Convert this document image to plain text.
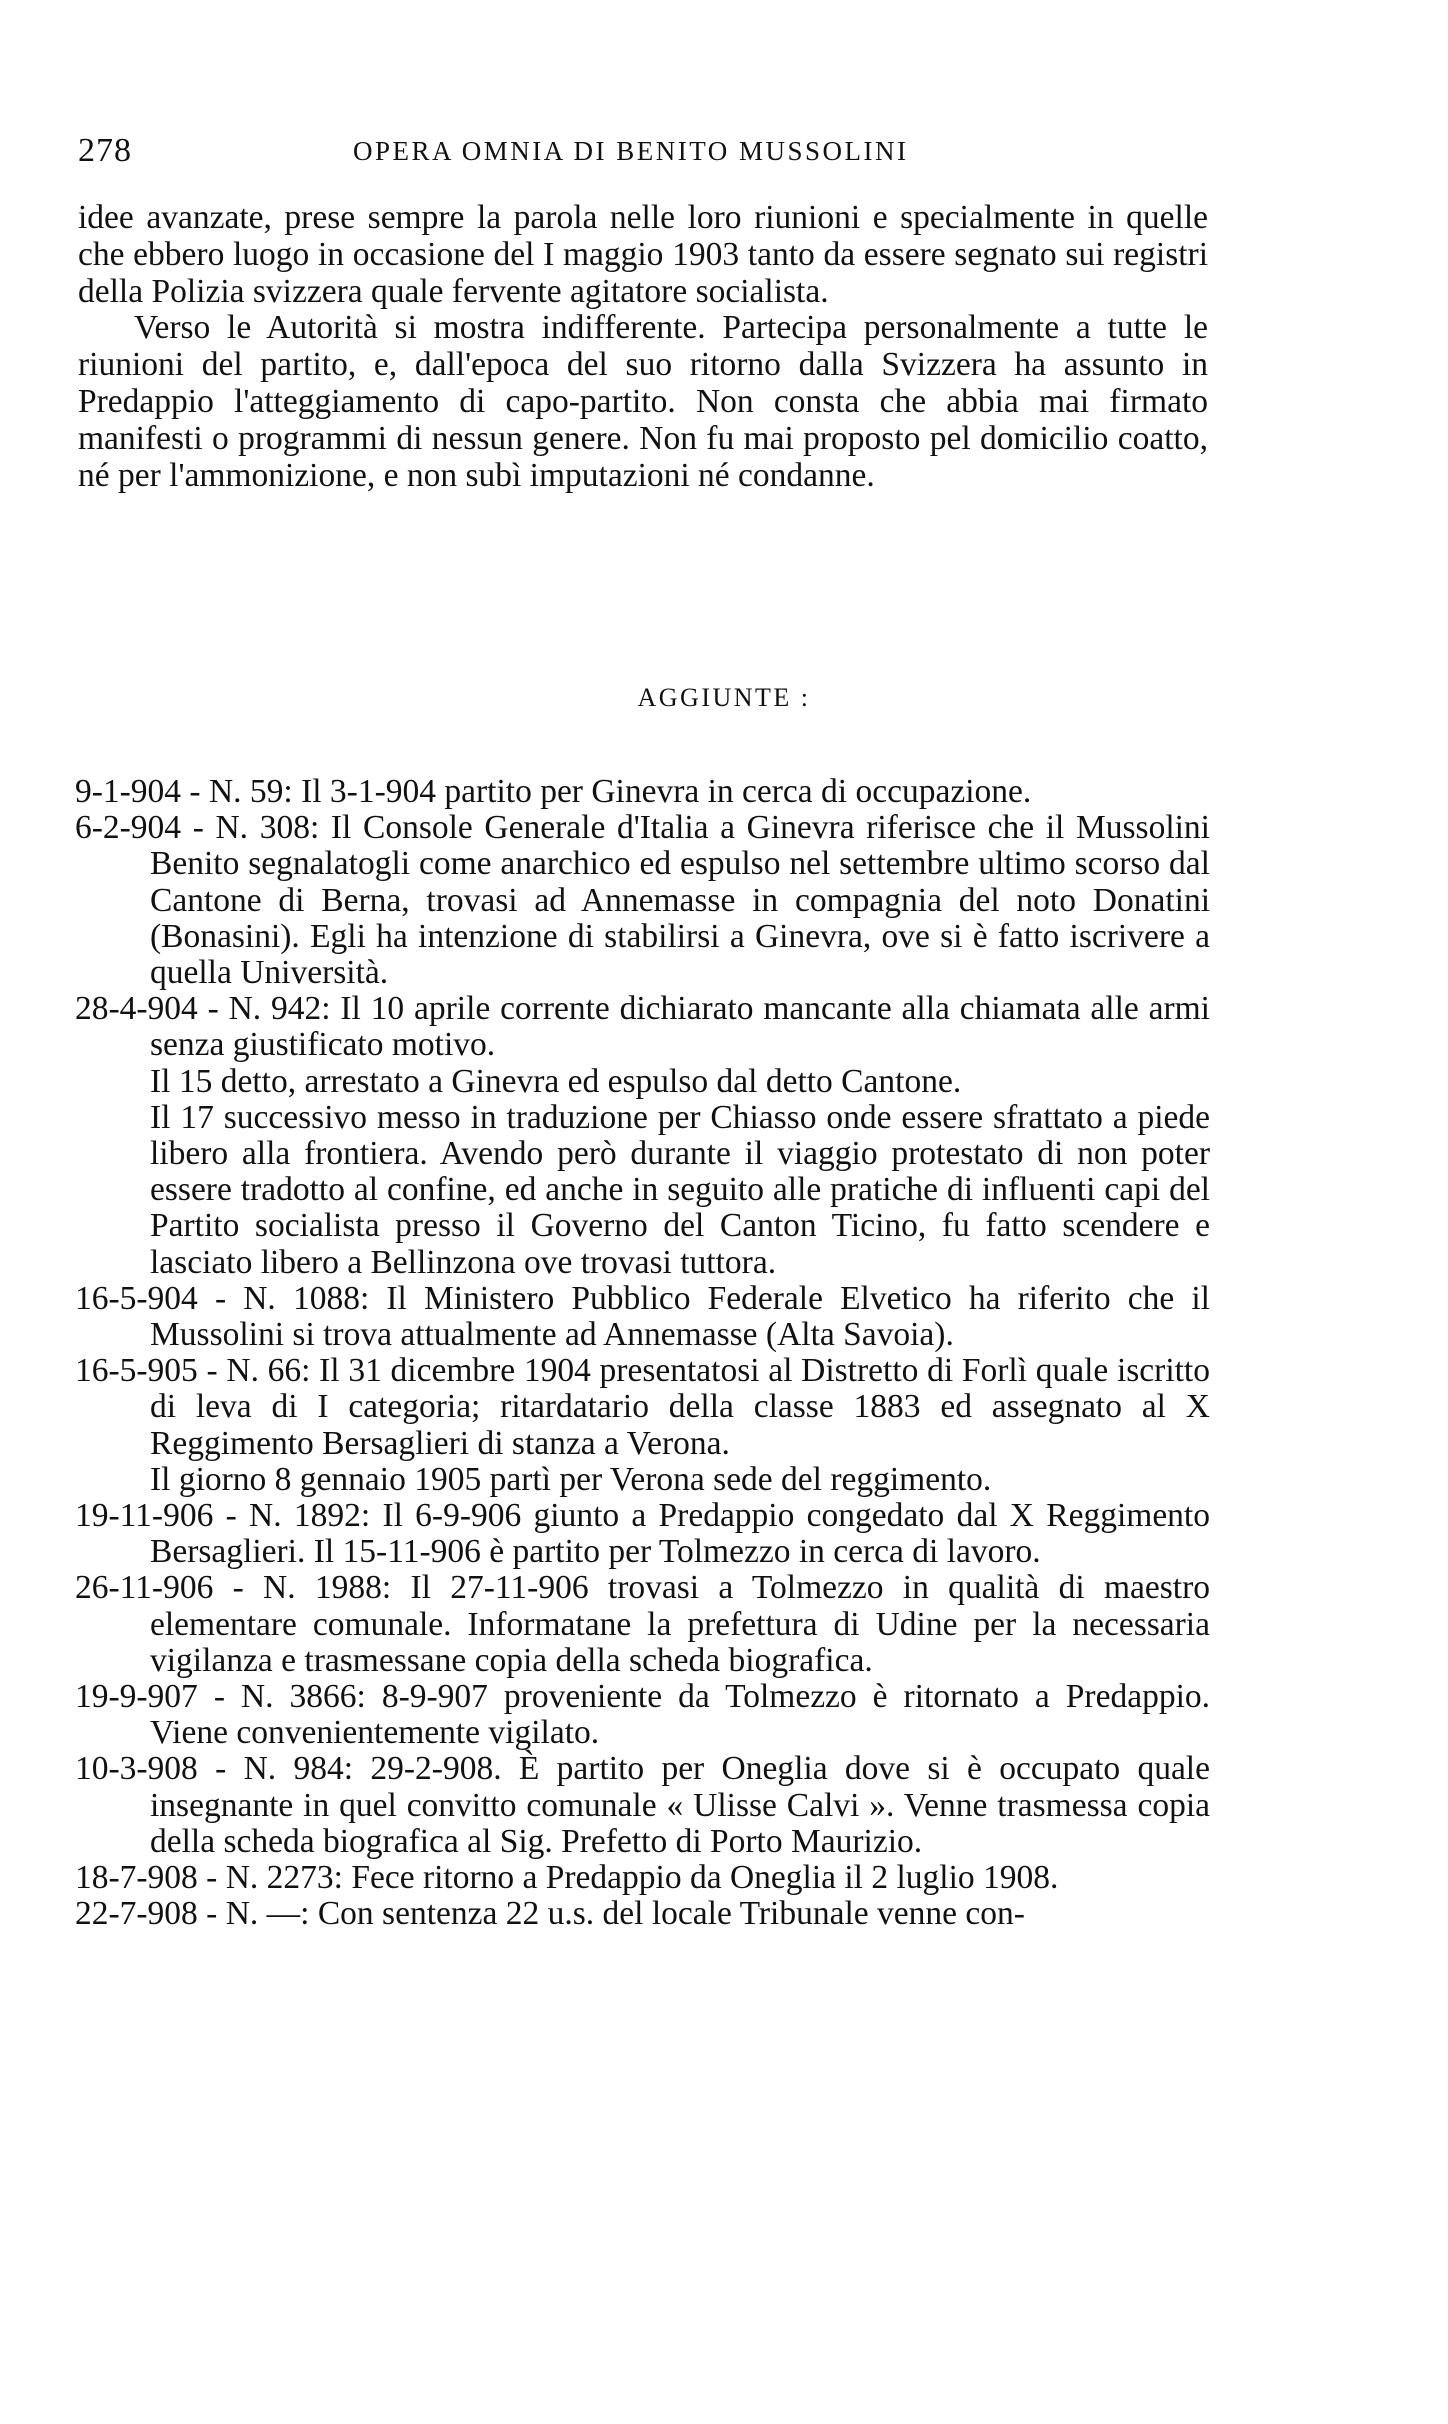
278	OPERA OMNIA DI BENITO MUSSOLINI

idee avanzate, prese sempre la parola nelle loro riunioni e specialmente in quelle che ebbero luogo in occasione del I maggio 1903 tanto da essere segnato sui registri della Polizia svizzera quale fervente agitatore socialista.

Verso le Autorità si mostra indifferente. Partecipa personalmente a tutte le riunioni del partito, e, dall'epoca del suo ritorno dalla Svizzera ha assunto in Predappio l'atteggiamento di capo-partito. Non consta che abbia mai firmato manifesti o programmi di nessun genere. Non fu mai proposto pel domicilio coatto, né per l'ammonizione, e non subì imputazioni né condanne.

AGGIUNTE :
9-1-904 - N. 59: Il 3-1-904 partito per Ginevra in cerca di occupazione.
6-2-904 - N. 308: Il Console Generale d'Italia a Ginevra riferisce che il Mussolini Benito segnalatogli come anarchico ed espulso nel settembre ultimo scorso dal Cantone di Berna, trovasi ad Annemasse in compagnia del noto Donatini (Bonasini). Egli ha intenzione di stabilirsi a Ginevra, ove si è fatto iscrivere a quella Università.
28-4-904 - N. 942: Il 10 aprile corrente dichiarato mancante alla chiamata alle armi senza giustificato motivo.
Il 15 detto, arrestato a Ginevra ed espulso dal detto Cantone.
Il 17 successivo messo in traduzione per Chiasso onde essere sfrattato a piede libero alla frontiera. Avendo però durante il viaggio protestato di non poter essere tradotto al confine, ed anche in seguito alle pratiche di influenti capi del Partito socialista presso il Governo del Canton Ticino, fu fatto scendere e lasciato libero a Bellinzona ove trovasi tuttora.
16-5-904 - N. 1088: Il Ministero Pubblico Federale Elvetico ha riferito che il Mussolini si trova attualmente ad Annemasse (Alta Savoia).
16-5-905 - N. 66: Il 31 dicembre 1904 presentatosi al Distretto di Forlì quale iscritto di leva di I categoria; ritardatario della classe 1883 ed assegnato al X Reggimento Bersaglieri di stanza a Verona.
Il giorno 8 gennaio 1905 partì per Verona sede del reggimento.
19-11-906 - N. 1892: Il 6-9-906 giunto a Predappio congedato dal X Reggimento Bersaglieri. Il 15-11-906 è partito per Tolmezzo in cerca di lavoro.
26-11-906 - N. 1988: Il 27-11-906 trovasi a Tolmezzo in qualità di maestro elementare comunale. Informatane la prefettura di Udine per la necessaria vigilanza e trasmessane copia della scheda biografica.
19-9-907 - N. 3866: 8-9-907 proveniente da Tolmezzo è ritornato a Predappio. Viene convenientemente vigilato.
10-3-908 - N. 984: 29-2-908. È partito per Oneglia dove si è occupato quale insegnante in quel convitto comunale « Ulisse Calvi ». Venne trasmessa copia della scheda biografica al Sig. Prefetto di Porto Maurizio.
18-7-908 - N. 2273: Fece ritorno a Predappio da Oneglia il 2 luglio 1908.
22-7-908 - N. —: Con sentenza 22 u.s. del locale Tribunale venne con-
